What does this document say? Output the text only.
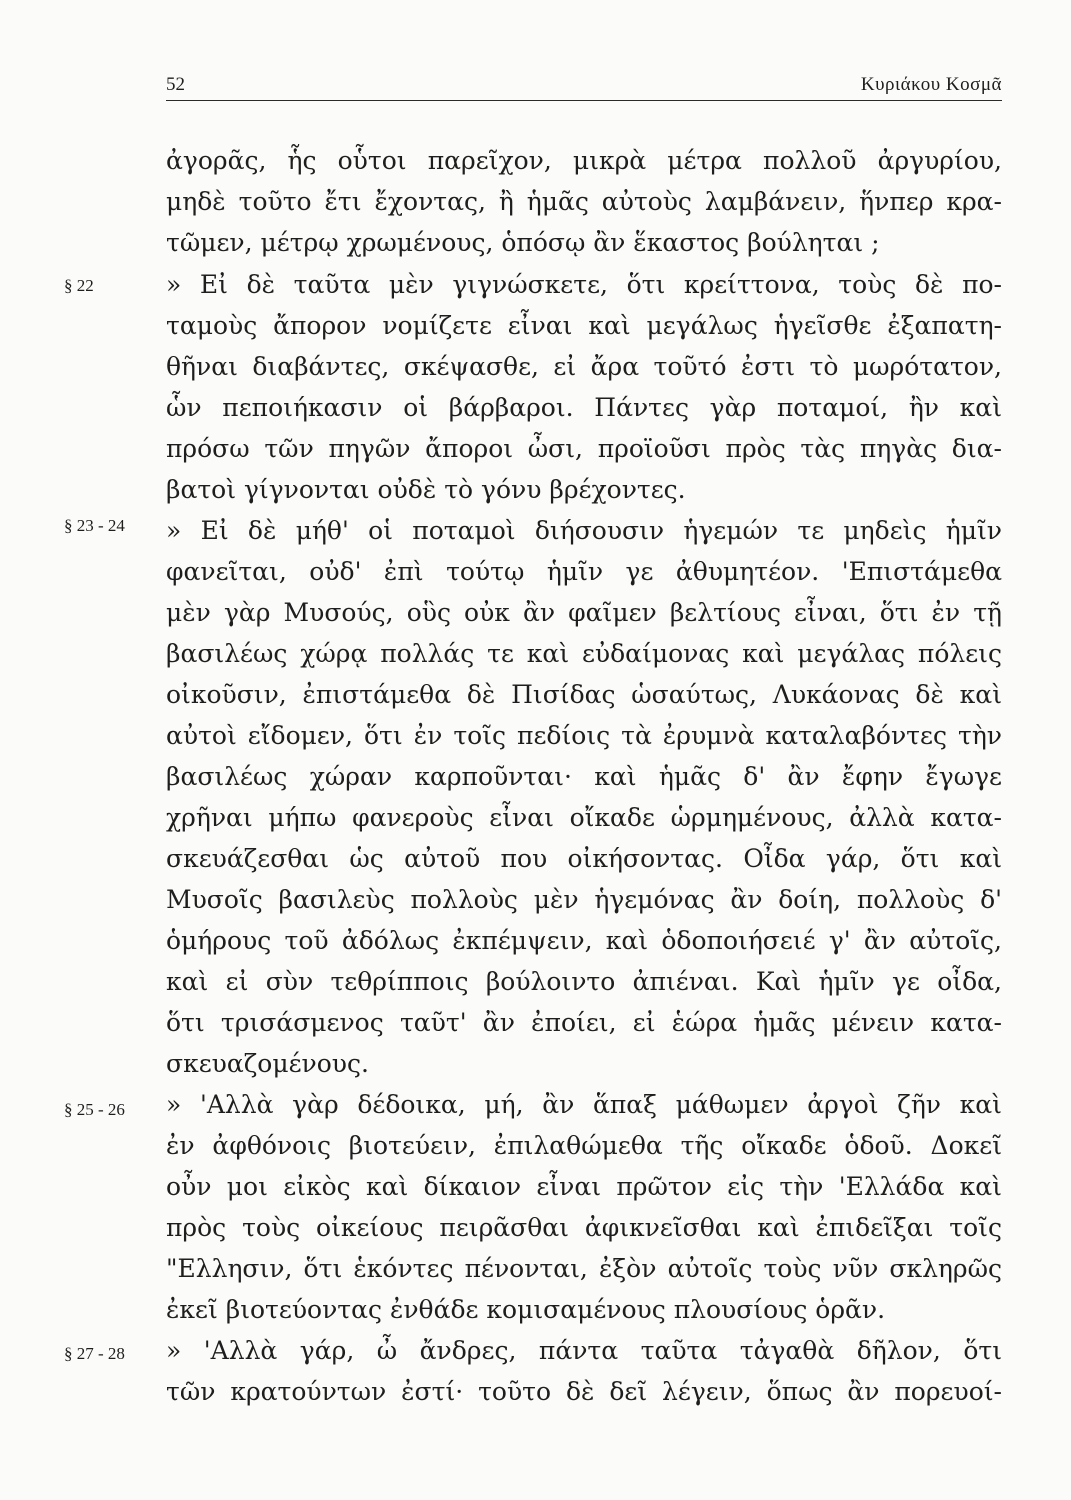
52	Κυριάκου Κοσμᾶ
§ 22
§ 23 - 24
§ 25 - 26
§ 27 - 28
ἀγορᾶς, ἧς οὗτοι παρεῖχον, μικρὰ μέτρα πολλοῦ ἀργυρίου,
μηδὲ τοῦτο ἔτι ἔχοντας, ἢ ἡμᾶς αὐτοὺς λαμβάνειν, ἥνπερ κρα-
τῶμεν, μέτρῳ χρωμένους, ὁπόσῳ ἂν ἕκαστος βούληται ;
» Εἰ δὲ ταῦτα μὲν γιγνώσκετε, ὅτι κρείττονα, τοὺς δὲ πο-
ταμοὺς ἄπορον νομίζετε εἶναι καὶ μεγάλως ἡγεῖσθε ἐξαπατη-
θῆναι διαβάντες, σκέψασθε, εἰ ἄρα τοῦτό ἐστι τὸ μωρότατον,
ὧν πεποιήκασιν οἱ βάρβαροι. Πάντες γὰρ ποταμοί, ἢν καὶ
πρόσω τῶν πηγῶν ἄποροι ὦσι, προϊοῦσι πρὸς τὰς πηγὰς δια-
βατοὶ γίγνονται οὐδὲ τὸ γόνυ βρέχοντες.
» Εἰ δὲ μήθ' οἱ ποταμοὶ διήσουσιν ἡγεμών τε μηδεὶς ἡμῖν
φανεῖται, οὐδ' ἐπὶ τούτῳ ἡμῖν γε ἀθυμητέον. 'Επιστάμεθα
μὲν γὰρ Μυσούς, οὓς οὐκ ἂν φαῖμεν βελτίους εἶναι, ὅτι ἐν τῇ
βασιλέως χώρᾳ πολλάς τε καὶ εὐδαίμονας καὶ μεγάλας πόλεις
οἰκοῦσιν, ἐπιστάμεθα δὲ Πισίδας ὡσαύτως, Λυκάονας δὲ καὶ
αὐτοὶ εἴδομεν, ὅτι ἐν τοῖς πεδίοις τὰ ἐρυμνὰ καταλαβόντες τὴν
βασιλέως χώραν καρποῦνται· καὶ ἡμᾶς δ' ἂν ἔφην ἔγωγε
χρῆναι μήπω φανεροὺς εἶναι οἴκαδε ὡρμημένους, ἀλλὰ κατα-
σκευάζεσθαι ὡς αὐτοῦ που οἰκήσοντας. Οἶδα γάρ, ὅτι καὶ
Μυσοῖς βασιλεὺς πολλοὺς μὲν ἡγεμόνας ἂν δοίη, πολλοὺς δ'
ὁμήρους τοῦ ἀδόλως ἐκπέμψειν, καὶ ὁδοποιήσειέ γ' ἂν αὐτοῖς,
καὶ εἰ σὺν τεθρίπποις βούλοιντο ἀπιέναι. Καὶ ἡμῖν γε οἶδα,
ὅτι τρισάσμενος ταῦτ' ἂν ἐποίει, εἰ ἑώρα ἡμᾶς μένειν κατα-
σκευαζομένους.
» 'Αλλὰ γὰρ δέδοικα, μή, ἂν ἅπαξ μάθωμεν ἀργοὶ ζῆν καὶ
ἐν ἀφθόνοις βιοτεύειν, ἐπιλαθώμεθα τῆς οἴκαδε ὁδοῦ. Δοκεῖ
οὖν μοι εἰκὸς καὶ δίκαιον εἶναι πρῶτον εἰς τὴν 'Ελλάδα καὶ
πρὸς τοὺς οἰκείους πειρᾶσθαι ἀφικνεῖσθαι καὶ ἐπιδεῖξαι τοῖς
"Ελλησιν, ὅτι ἑκόντες πένονται, ἐξὸν αὐτοῖς τοὺς νῦν σκληρῶς
ἐκεῖ βιοτεύοντας ἐνθάδε κομισαμένους πλουσίους ὁρᾶν.
» 'Αλλὰ γάρ, ὦ ἄνδρες, πάντα ταῦτα τἀγαθὰ δῆλον, ὅτι
τῶν κρατούντων ἐστί· τοῦτο δὲ δεῖ λέγειν, ὅπως ἂν πορευοί-
